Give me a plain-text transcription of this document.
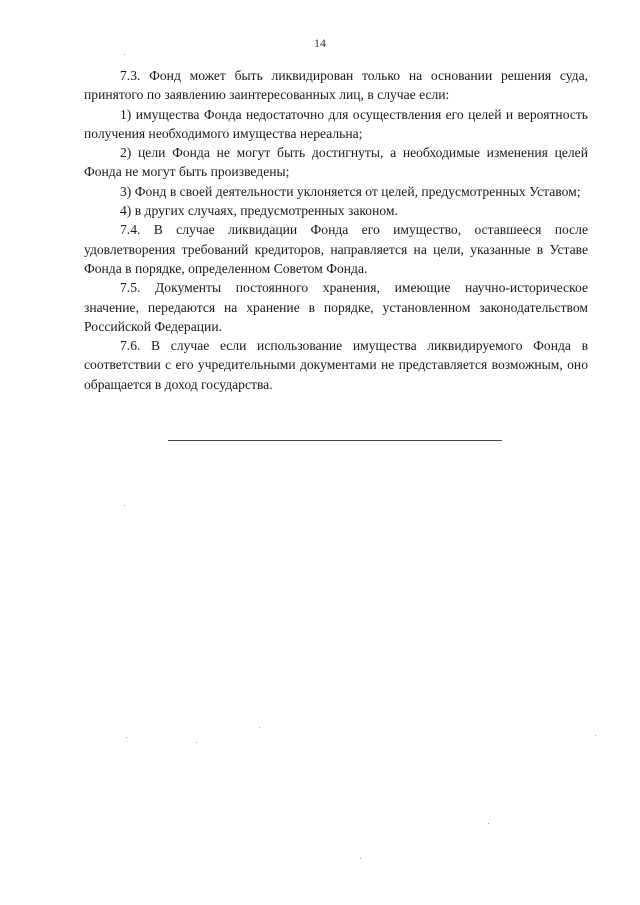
14

7.3. Фонд может быть ликвидирован только на основании решения суда, принятого по заявлению заинтересованных лиц, в случае если:

1) имущества Фонда недостаточно для осуществления его целей и вероятность получения необходимого имущества нереальна;

2) цели Фонда не могут быть достигнуты, а необходимые изменения целей Фонда не могут быть произведены;

3) Фонд в своей деятельности уклоняется от целей, предусмотренных Уставом;

4) в других случаях, предусмотренных законом.

7.4. В случае ликвидации Фонда его имущество, оставшееся после удовлетворения требований кредиторов, направляется на цели, указанные в Уставе Фонда в порядке, определенном Советом Фонда.

7.5. Документы постоянного хранения, имеющие научно-историческое значение, передаются на хранение в порядке, установленном законодательством Российской Федерации.

7.6. В случае если использование имущества ликвидируемого Фонда в соответствии с его учредительными документами не представляется возможным, оно обращается в доход государства.
